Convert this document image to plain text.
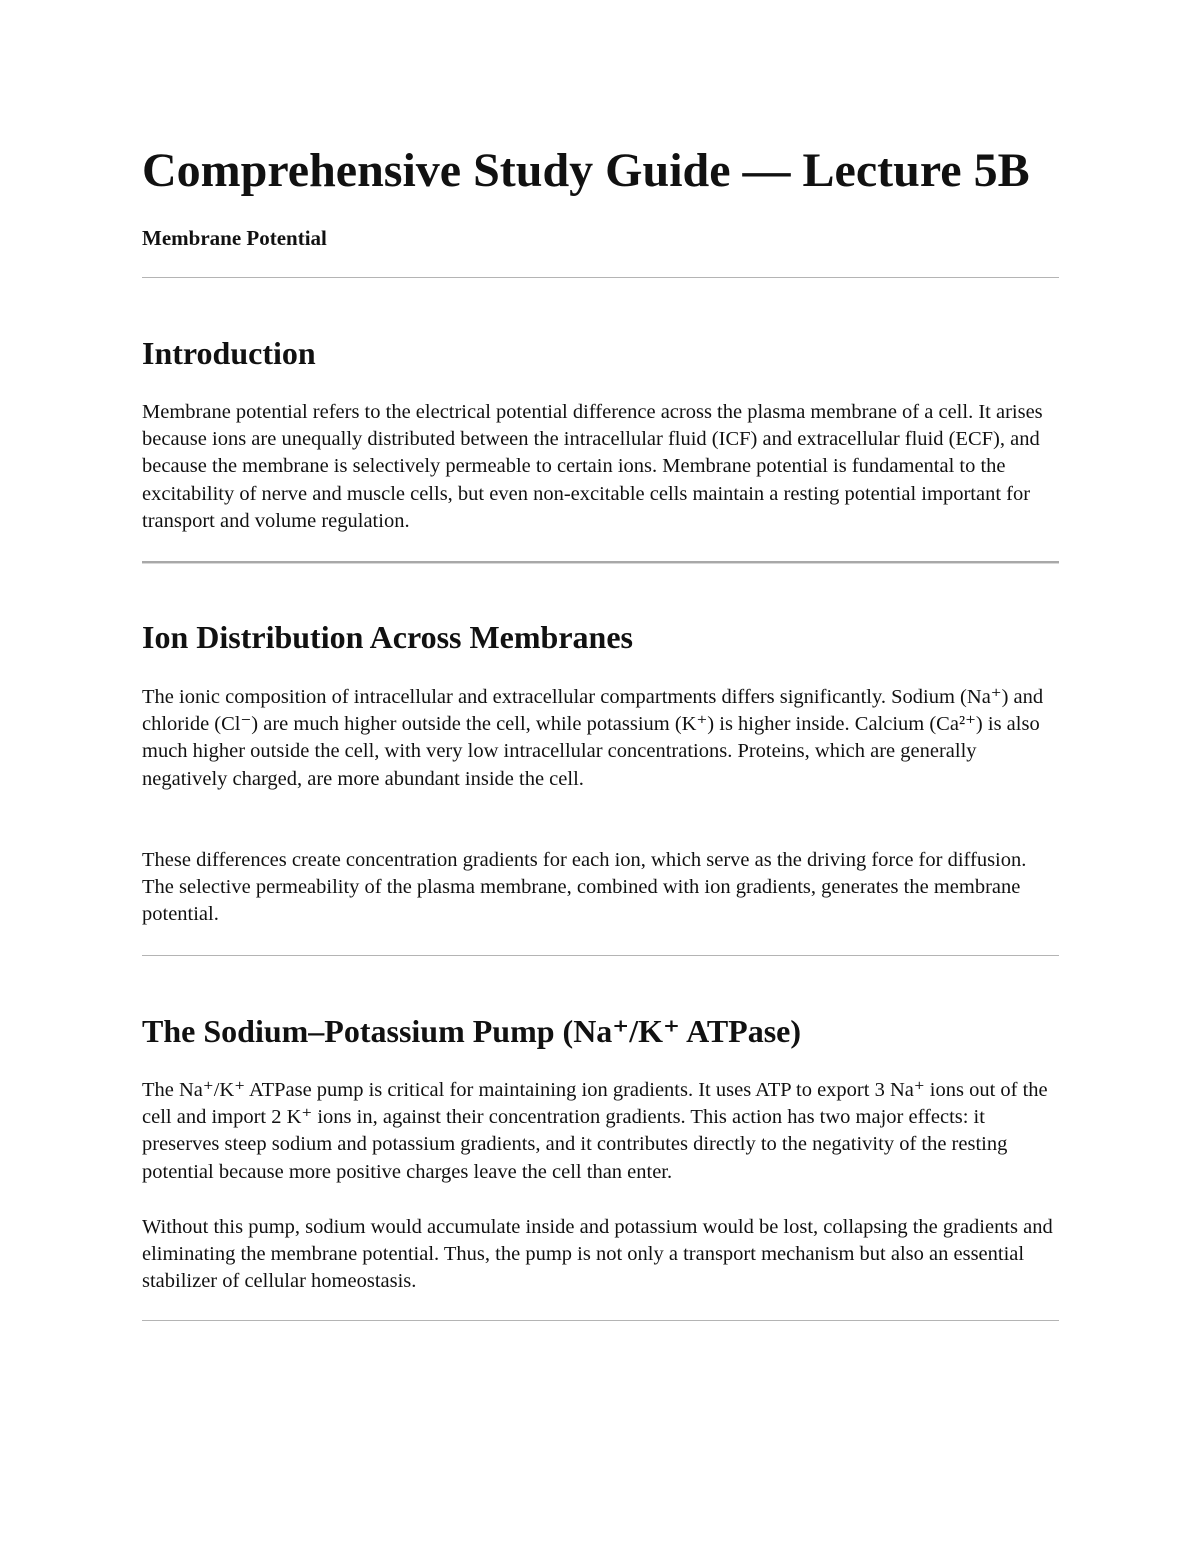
Comprehensive Study Guide — Lecture 5B

Membrane Potential

Introduction

Membrane potential refers to the electrical potential difference across the plasma membrane of a cell. It arises because ions are unequally distributed between the intracellular fluid (ICF) and extracellular fluid (ECF), and because the membrane is selectively permeable to certain ions. Membrane potential is fundamental to the excitability of nerve and muscle cells, but even non-excitable cells maintain a resting potential important for transport and volume regulation.

Ion Distribution Across Membranes

The ionic composition of intracellular and extracellular compartments differs significantly. Sodium (Na⁺) and chloride (Cl⁻) are much higher outside the cell, while potassium (K⁺) is higher inside. Calcium (Ca²⁺) is also much higher outside the cell, with very low intracellular concentrations. Proteins, which are generally negatively charged, are more abundant inside the cell.

These differences create concentration gradients for each ion, which serve as the driving force for diffusion. The selective permeability of the plasma membrane, combined with ion gradients, generates the membrane potential.

The Sodium–Potassium Pump (Na⁺/K⁺ ATPase)

The Na⁺/K⁺ ATPase pump is critical for maintaining ion gradients. It uses ATP to export 3 Na⁺ ions out of the cell and import 2 K⁺ ions in, against their concentration gradients. This action has two major effects: it preserves steep sodium and potassium gradients, and it contributes directly to the negativity of the resting potential because more positive charges leave the cell than enter.

Without this pump, sodium would accumulate inside and potassium would be lost, collapsing the gradients and eliminating the membrane potential. Thus, the pump is not only a transport mechanism but also an essential stabilizer of cellular homeostasis.
